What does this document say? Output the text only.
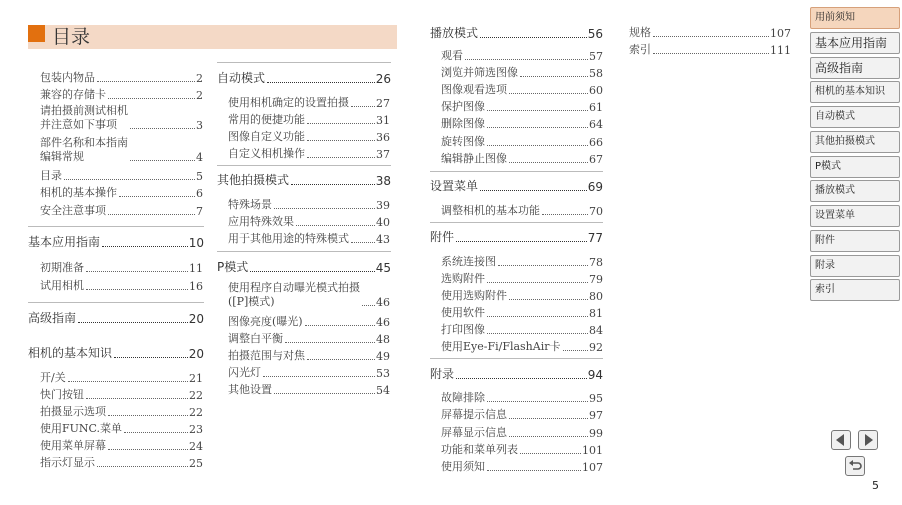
目录
包装内物品	2
兼容的存储卡	2
请拍摄前测试相机
并注意如下事项	3
部件名称和本指南
编辑常规	4
目录	5
相机的基本操作	6
安全注意事项	7
基本应用指南	10
初期准备	11
试用相机	16
高级指南	20
相机的基本知识	20
开/关	21
快门按钮	22
拍摄显示选项	22
使用FUNC.菜单	23
使用菜单屏幕	24
指示灯显示	25
自动模式	26
使用相机确定的设置拍摄 27
常用的便捷功能	31
图像自定义功能	36
自定义相机操作	37
其他拍摄模式	38
特殊场景	39
应用特殊效果	40
用于其他用途的特殊模式 43
P模式	45
使用程序自动曝光模式拍摄
([P]模式)	46
图像亮度(曝光)	46
调整白平衡	48
拍摄范围与对焦	49
闪光灯	53
其他设置	54
播放模式	56
观看	57
浏览并筛选图像	58
图像观看选项	60
保护图像	61
删除图像	64
旋转图像	66
编辑静止图像	67
设置菜单	69
调整相机的基本功能	70
附件	77
系统连接图	78
选购附件	79
使用选购附件	80
使用软件	81
打印图像	84
使用Eye-Fi/FlashAir卡	92
附录	94
故障排除	95
屏幕提示信息	97
屏幕显示信息	99
功能和菜单列表	101
使用须知	107
规格	107
索引	111
用前须知
基本应用指南
高级指南
相机的基本知识
自动模式
其他拍摄模式
P模式
播放模式
设置菜单
附件
附录
索引
5
